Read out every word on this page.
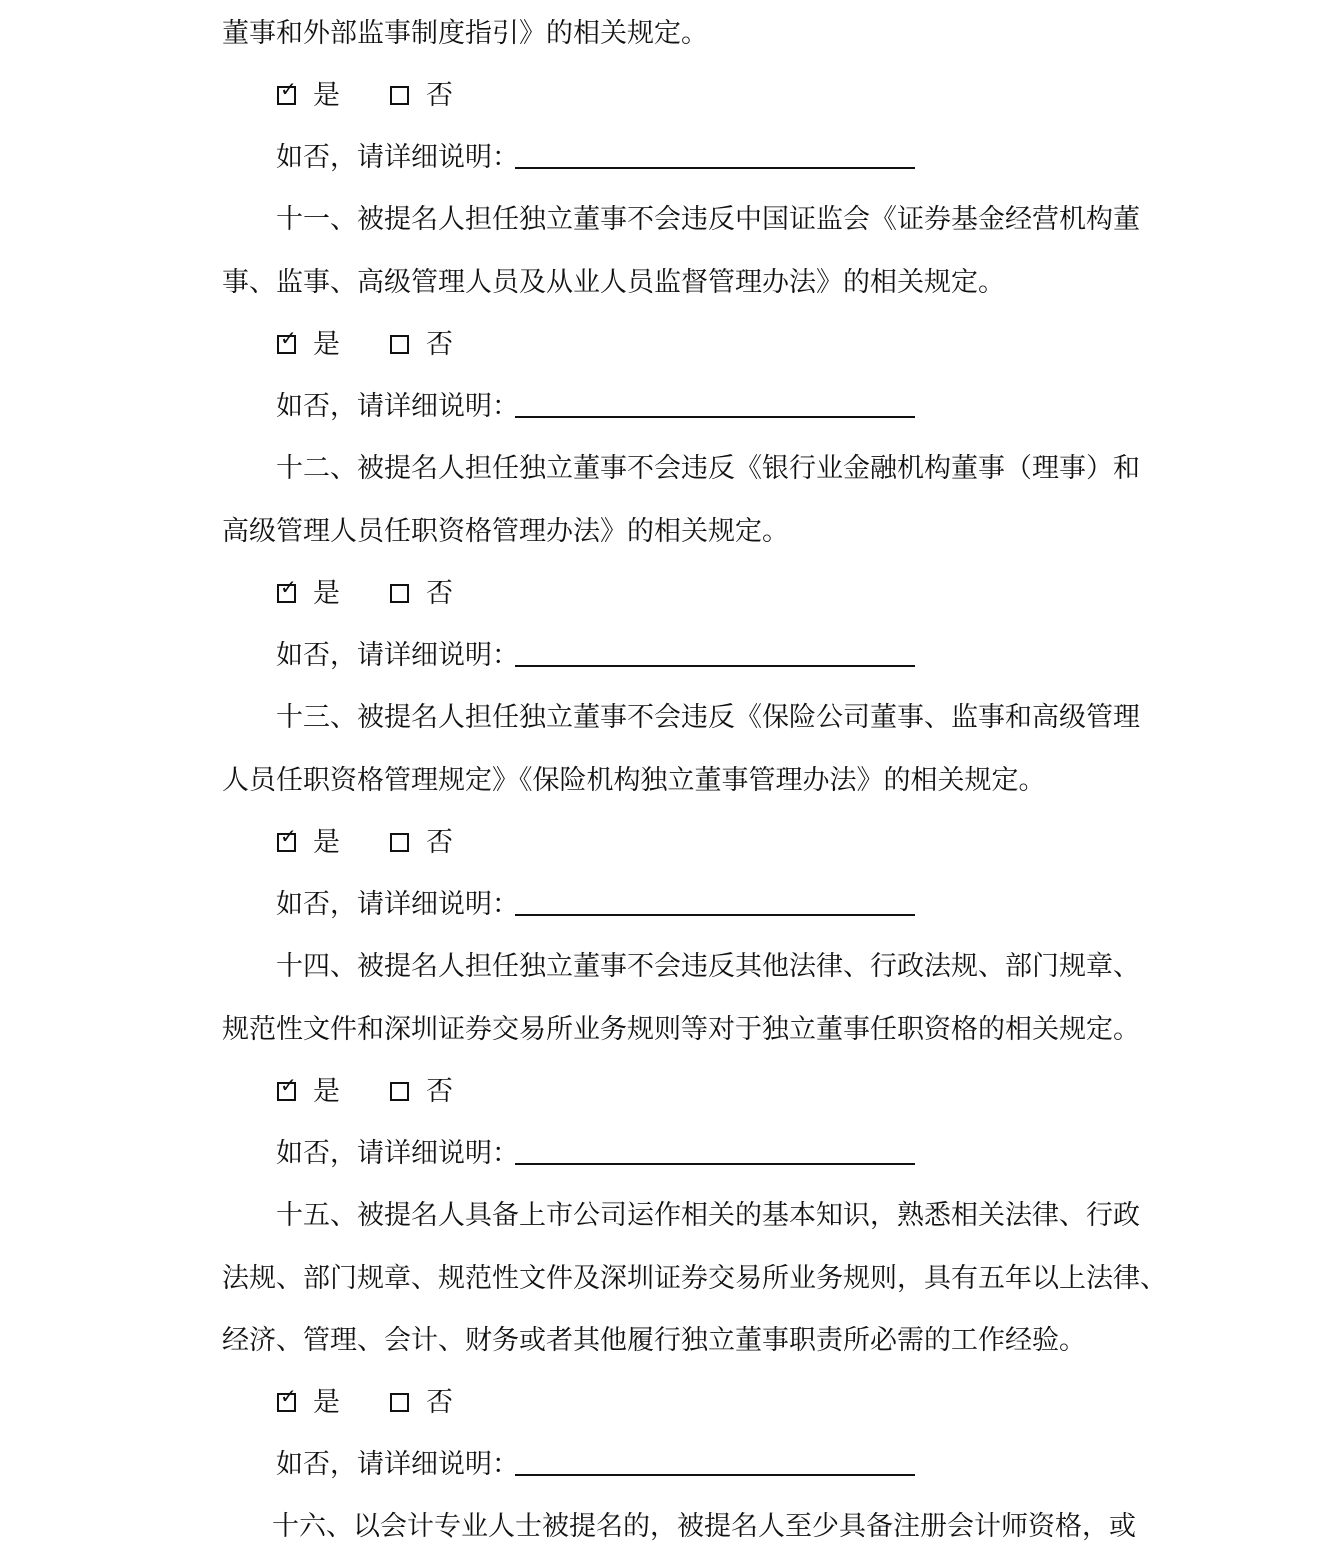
董事和外部监事制度指引》的相关规定。
✓ 是	否
如否，请详细说明：
十一、被提名人担任独立董事不会违反中国证监会《证券基金经营机构董
事、监事、高级管理人员及从业人员监督管理办法》的相关规定。
✓ 是	否
如否，请详细说明：
十二、被提名人担任独立董事不会违反《银行业金融机构董事（理事）和
高级管理人员任职资格管理办法》的相关规定。
✓ 是	否
如否，请详细说明：
十三、被提名人担任独立董事不会违反《保险公司董事、监事和高级管理
人员任职资格管理规定》《保险机构独立董事管理办法》的相关规定。
✓ 是	否
如否，请详细说明：
十四、被提名人担任独立董事不会违反其他法律、行政法规、部门规章、
规范性文件和深圳证券交易所业务规则等对于独立董事任职资格的相关规定。
✓ 是	否
如否，请详细说明：
十五、被提名人具备上市公司运作相关的基本知识，熟悉相关法律、行政
法规、部门规章、规范性文件及深圳证券交易所业务规则，具有五年以上法律、
经济、管理、会计、财务或者其他履行独立董事职责所必需的工作经验。
✓ 是	否
如否，请详细说明：
十六、以会计专业人士被提名的，被提名人至少具备注册会计师资格，或
